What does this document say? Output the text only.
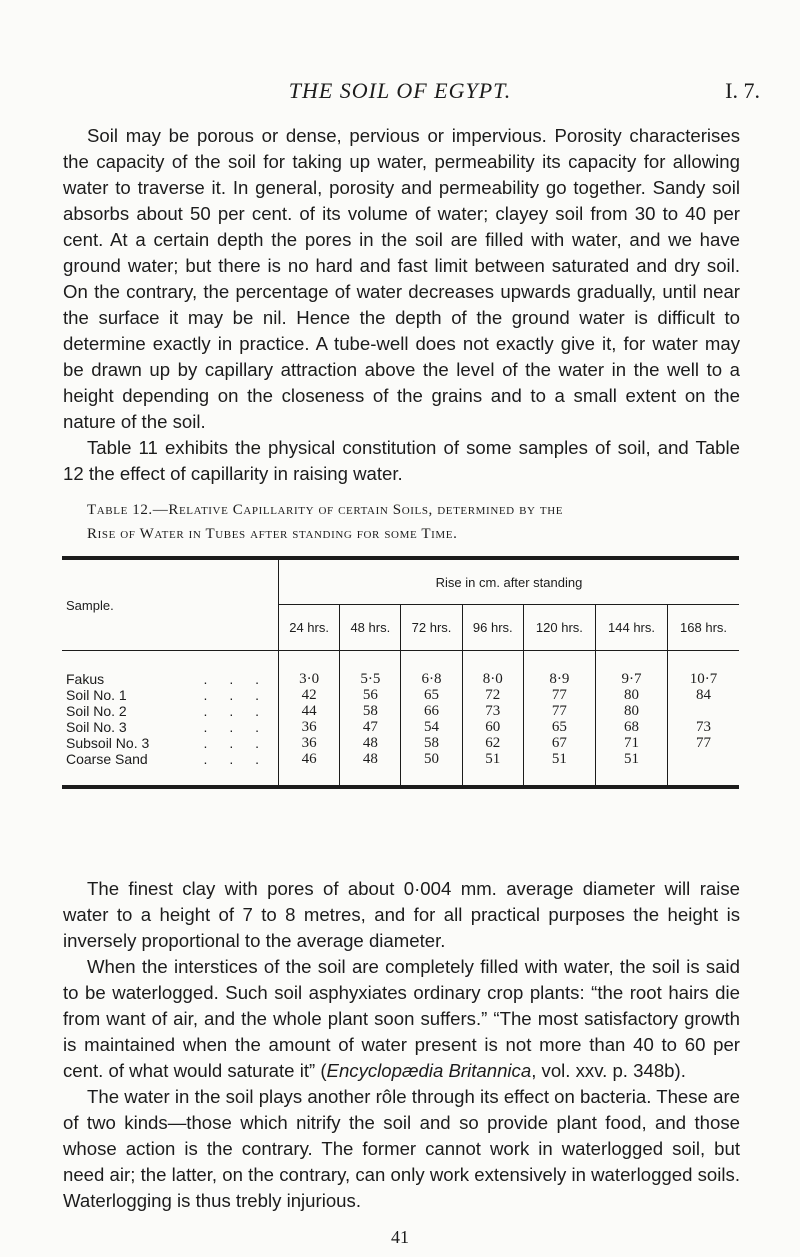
THE SOIL OF EGYPT.	I. 7.

Soil may be porous or dense, pervious or impervious. Porosity characterises the capacity of the soil for taking up water, permeability its capacity for allowing water to traverse it. In general, porosity and permeability go together. Sandy soil absorbs about 50 per cent. of its volume of water; clayey soil from 30 to 40 per cent. At a certain depth the pores in the soil are filled with water, and we have ground water; but there is no hard and fast limit between saturated and dry soil. On the contrary, the percentage of water decreases upwards gradually, until near the surface it may be nil. Hence the depth of the ground water is difficult to determine exactly in practice. A tube-well does not exactly give it, for water may be drawn up by capillary attraction above the level of the water in the well to a height depending on the closeness of the grains and to a small extent on the nature of the soil.

Table 11 exhibits the physical constitution of some samples of soil, and Table 12 the effect of capillarity in raising water.

Table 12.—Relative Capillarity of certain Soils, determined by the
Rise of Water in Tubes after standing for some Time.
Sample.	Rise in cm. after standing						
	24 hrs.	48 hrs.	72 hrs.	96 hrs.	120 hrs.	144 hrs.	168 hrs.

. . .
Fakus	3·0	5·5	6·8	8·0	8·9	9·7	10·7

. . .
Soil No. 1	42	56	65	72	77	80	84

. . .
Soil No. 2	44	58	66	73	77	80	

. . .
Soil No. 3	36	47	54	60	65	68	73

. . .
Subsoil No. 3	36	48	58	62	67	71	77

. . .
Coarse Sand	46	48	50	51	51	51	

The finest clay with pores of about 0·004 mm. average diameter will raise water to a height of 7 to 8 metres, and for all practical purposes the height is inversely proportional to the average diameter.

When the interstices of the soil are completely filled with water, the soil is said to be waterlogged. Such soil asphyxiates ordinary crop plants: “the root hairs die from want of air, and the whole plant soon suffers.” “The most satisfactory growth is maintained when the amount of water present is not more than 40 to 60 per cent. of what would saturate it” (Encyclopædia Britannica, vol. xxv. p. 348b).

The water in the soil plays another rôle through its effect on bacteria. These are of two kinds—those which nitrify the soil and so provide plant food, and those whose action is the contrary. The former cannot work in waterlogged soil, but need air; the latter, on the contrary, can only work extensively in waterlogged soils. Waterlogging is thus trebly injurious.

41
